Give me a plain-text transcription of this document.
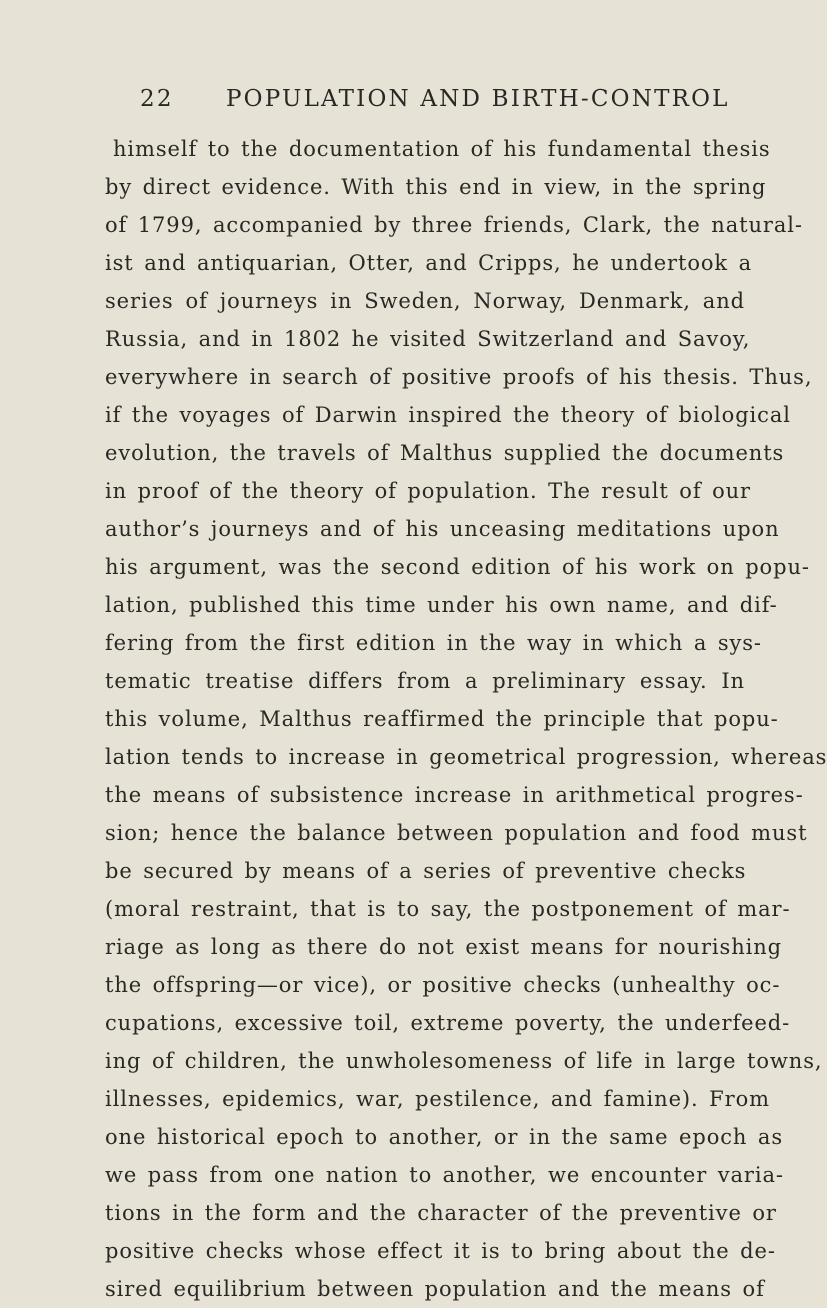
22 POPULATION AND BIRTH-CONTROL
himself to the documentation of his fundamental thesis
by direct evidence. With this end in view, in the spring
of 1799, accompanied by three friends, Clark, the natural-
ist and antiquarian, Otter, and Cripps, he undertook a
series of journeys in Sweden, Norway, Denmark, and
Russia, and in 1802 he visited Switzerland and Savoy,
everywhere in search of positive proofs of his thesis. Thus,
if the voyages of Darwin inspired the theory of biological
evolution, the travels of Malthus supplied the documents
in proof of the theory of population. The result of our
author’s journeys and of his unceasing meditations upon
his argument, was the second edition of his work on popu-
lation, published this time under his own name, and dif-
fering from the first edition in the way in which a sys-
tematic treatise differs from a preliminary essay. In
this volume, Malthus reaffirmed the principle that popu-
lation tends to increase in geometrical progression, whereas
the means of subsistence increase in arithmetical progres-
sion; hence the balance between population and food must
be secured by means of a series of preventive checks
(moral restraint, that is to say, the postponement of mar-
riage as long as there do not exist means for nourishing
the offspring—or vice), or positive checks (unhealthy oc-
cupations, excessive toil, extreme poverty, the underfeed-
ing of children, the unwholesomeness of life in large towns,
illnesses, epidemics, war, pestilence, and famine). From
one historical epoch to another, or in the same epoch as
we pass from one nation to another, we encounter varia-
tions in the form and the character of the preventive or
positive checks whose effect it is to bring about the de-
sired equilibrium between population and the means of
